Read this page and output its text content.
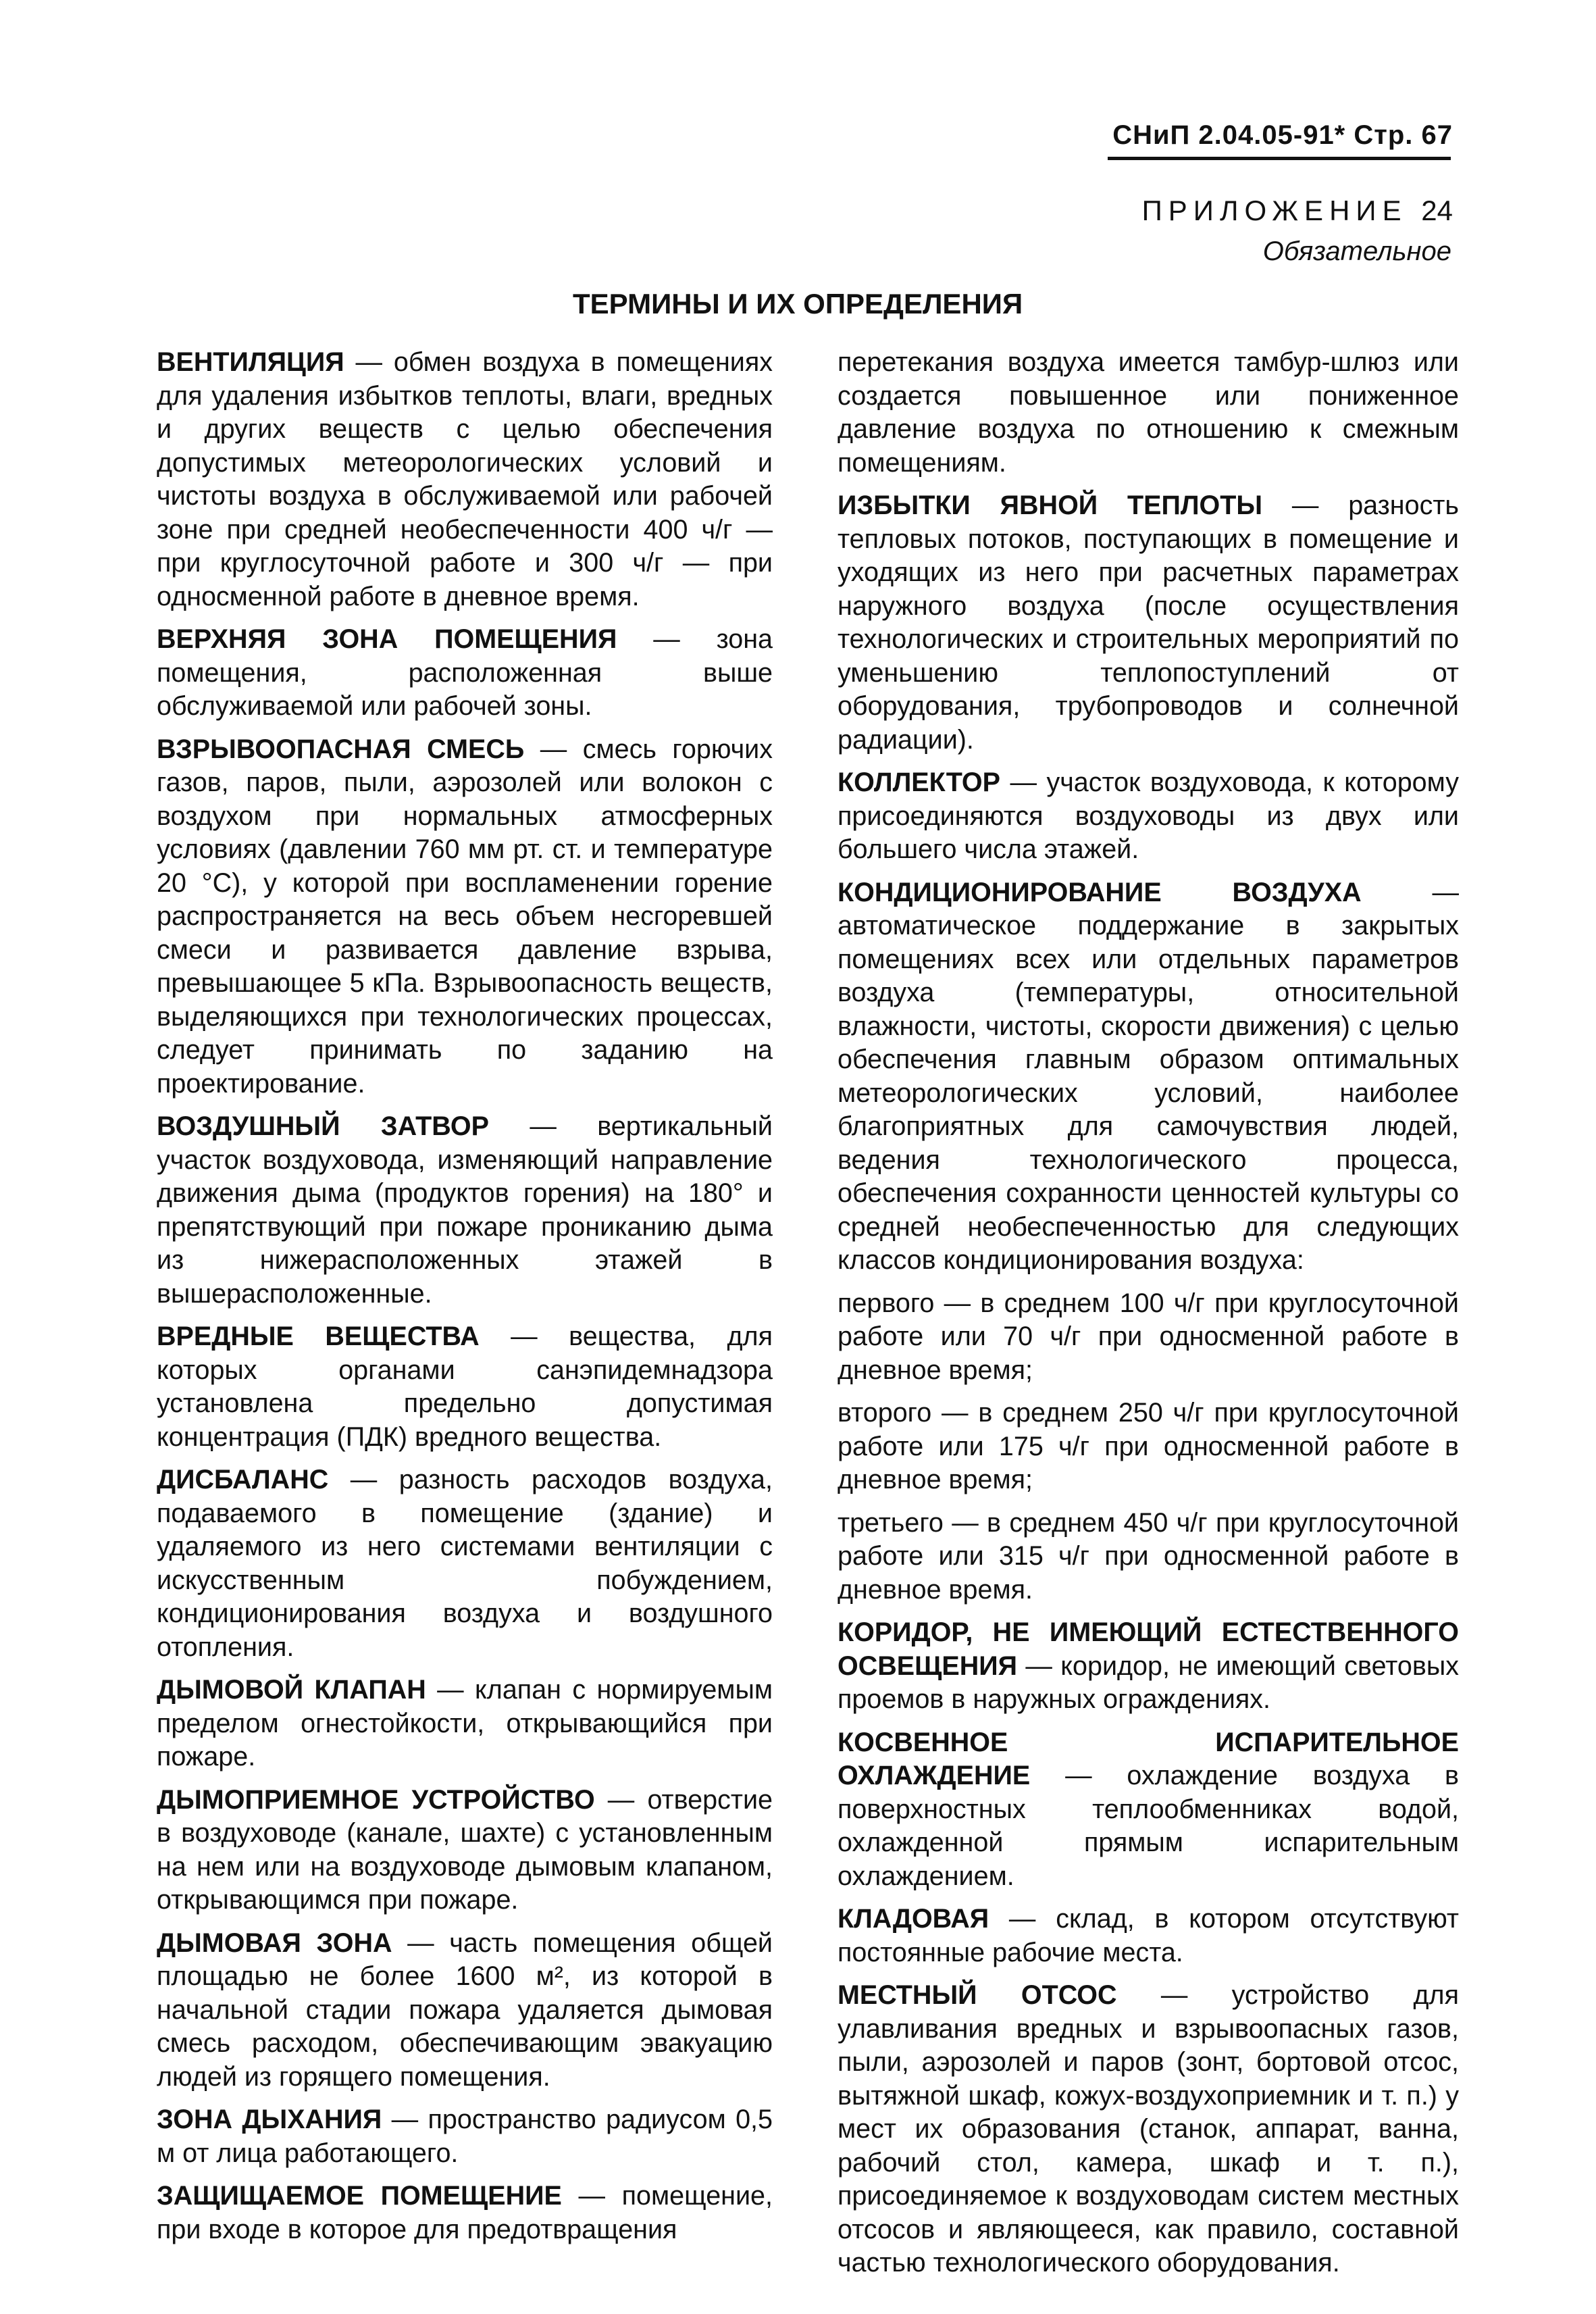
СНиП 2.04.05-91* Стр. 67
ПРИЛОЖЕНИЕ 24
Обязательное
ТЕРМИНЫ И ИХ ОПРЕДЕЛЕНИЯ

ВЕНТИЛЯЦИЯ — обмен воздуха в помещениях для удаления избытков теплоты, влаги, вредных и других веществ с целью обеспечения допустимых метеорологических условий и чистоты воздуха в обслуживаемой или рабочей зоне при средней необеспеченности 400 ч/г — при круглосуточной работе и 300 ч/г — при односменной работе в дневное время.

ВЕРХНЯЯ ЗОНА ПОМЕЩЕНИЯ — зона помещения, расположенная выше обслуживаемой или рабочей зоны.

ВЗРЫВООПАСНАЯ СМЕСЬ — смесь горючих газов, паров, пыли, аэрозолей или волокон с воздухом при нормальных атмосферных условиях (давлении 760 мм рт. ст. и температуре 20 °С), у которой при воспламенении горение распространяется на весь объем несгоревшей смеси и развивается давление взрыва, превышающее 5 кПа. Взрывоопасность веществ, выделяющихся при технологических процессах, следует принимать по заданию на проектирование.

ВОЗДУШНЫЙ ЗАТВОР — вертикальный участок воздуховода, изменяющий направление движения дыма (продуктов горения) на 180° и препятствующий при пожаре прониканию дыма из нижерасположенных этажей в вышерасположенные.

ВРЕДНЫЕ ВЕЩЕСТВА — вещества, для которых органами санэпидемнадзора установлена предельно допустимая концентрация (ПДК) вредного вещества.

ДИСБАЛАНС — разность расходов воздуха, подаваемого в помещение (здание) и удаляемого из него системами вентиляции с искусственным побуждением, кондиционирования воздуха и воздушного отопления.

ДЫМОВОЙ КЛАПАН — клапан с нормируемым пределом огнестойкости, открывающийся при пожаре.

ДЫМОПРИЕМНОЕ УСТРОЙСТВО — отверстие в воздуховоде (канале, шахте) с установленным на нем или на воздуховоде дымовым клапаном, открывающимся при пожаре.

ДЫМОВАЯ ЗОНА — часть помещения общей площадью не более 1600 м², из которой в начальной стадии пожара удаляется дымовая смесь расходом, обеспечивающим эвакуацию людей из горящего помещения.

ЗОНА ДЫХАНИЯ — пространство радиусом 0,5 м от лица работающего.

ЗАЩИЩАЕМОЕ ПОМЕЩЕНИЕ — помещение, при входе в которое для предотвращения

перетекания воздуха имеется тамбур-шлюз или создается повышенное или пониженное давление воздуха по отношению к смежным помещениям.

ИЗБЫТКИ ЯВНОЙ ТЕПЛОТЫ — разность тепловых потоков, поступающих в помещение и уходящих из него при расчетных параметрах наружного воздуха (после осуществления технологических и строительных мероприятий по уменьшению теплопоступлений от оборудования, трубопроводов и солнечной радиации).

КОЛЛЕКТОР — участок воздуховода, к которому присоединяются воздуховоды из двух или большего числа этажей.

КОНДИЦИОНИРОВАНИЕ ВОЗДУХА — автоматическое поддержание в закрытых помещениях всех или отдельных параметров воздуха (температуры, относительной влажности, чистоты, скорости движения) с целью обеспечения главным образом оптимальных метеорологических условий, наиболее благоприятных для самочувствия людей, ведения технологического процесса, обеспечения сохранности ценностей культуры со средней необеспеченностью для следующих классов кондиционирования воздуха:

первого — в среднем 100 ч/г при круглосуточной работе или 70 ч/г при односменной работе в дневное время;

второго — в среднем 250 ч/г при круглосуточной работе или 175 ч/г при односменной работе в дневное время;

третьего — в среднем 450 ч/г при круглосуточной работе или 315 ч/г при односменной работе в дневное время.

КОРИДОР, НЕ ИМЕЮЩИЙ ЕСТЕСТВЕННОГО ОСВЕЩЕНИЯ — коридор, не имеющий световых проемов в наружных ограждениях.

КОСВЕННОЕ ИСПАРИТЕЛЬНОЕ ОХЛАЖДЕНИЕ — охлаждение воздуха в поверхностных теплообменниках водой, охлажденной прямым испарительным охлаждением.

КЛАДОВАЯ — склад, в котором отсутствуют постоянные рабочие места.

МЕСТНЫЙ ОТСОС — устройство для улавливания вредных и взрывоопасных газов, пыли, аэрозолей и паров (зонт, бортовой отсос, вытяжной шкаф, кожух-воздухоприемник и т. п.) у мест их образования (станок, аппарат, ванна, рабочий стол, камера, шкаф и т. п.), присоединяемое к воздуховодам систем местных отсосов и являющееся, как правило, составной частью технологического оборудования.
